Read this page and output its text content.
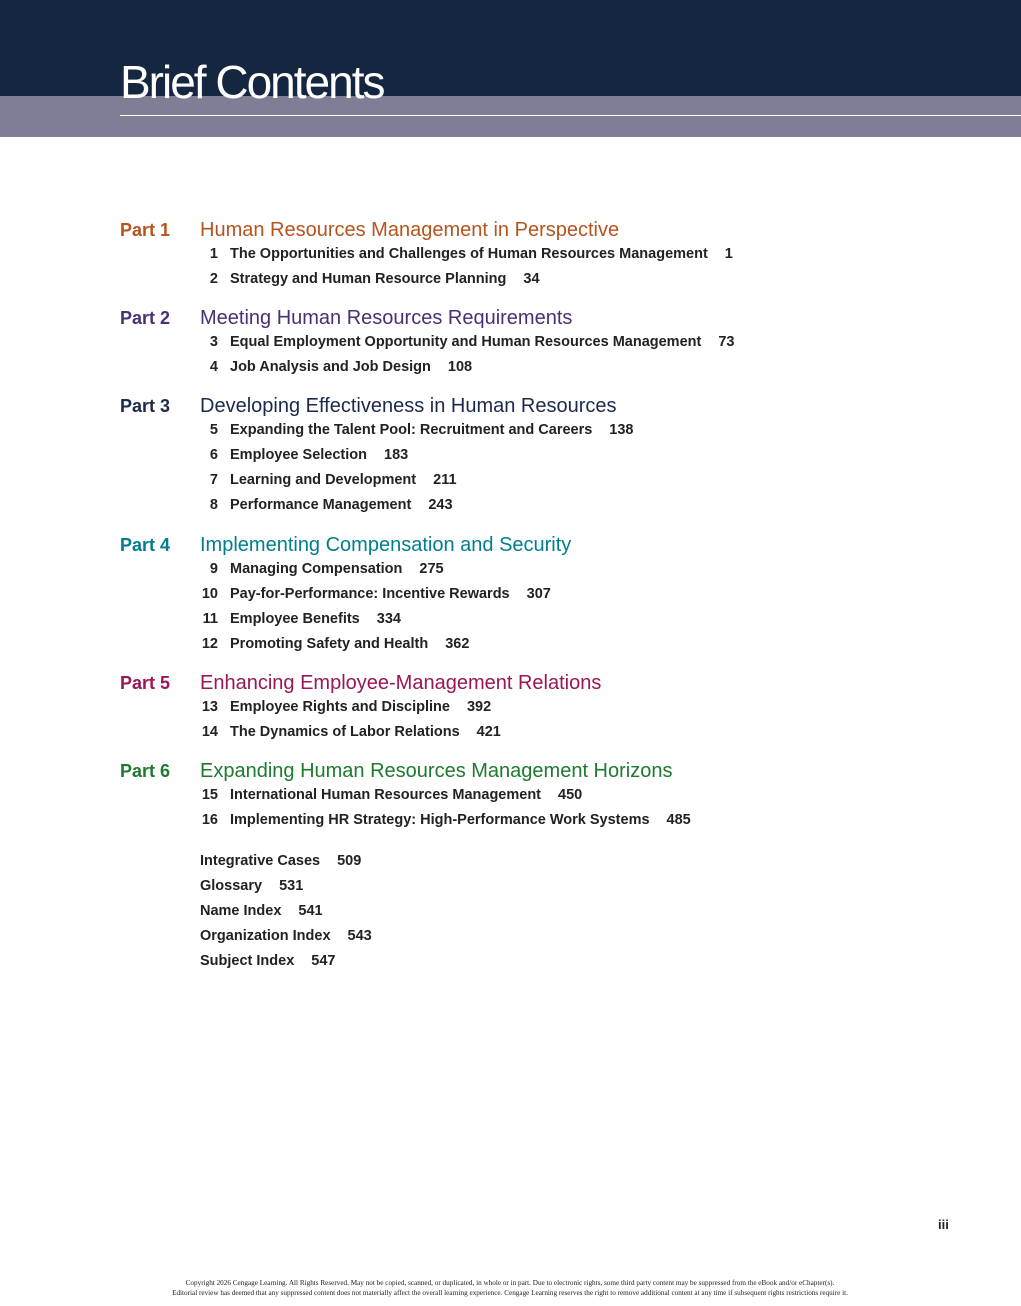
Brief Contents
Part 1 Human Resources Management in Perspective
1 The Opportunities and Challenges of Human Resources Management 1
2 Strategy and Human Resource Planning 34
Part 2 Meeting Human Resources Requirements
3 Equal Employment Opportunity and Human Resources Management 73
4 Job Analysis and Job Design 108
Part 3 Developing Effectiveness in Human Resources
5 Expanding the Talent Pool: Recruitment and Careers 138
6 Employee Selection 183
7 Learning and Development 211
8 Performance Management 243
Part 4 Implementing Compensation and Security
9 Managing Compensation 275
10 Pay-for-Performance: Incentive Rewards 307
11 Employee Benefits 334
12 Promoting Safety and Health 362
Part 5 Enhancing Employee-Management Relations
13 Employee Rights and Discipline 392
14 The Dynamics of Labor Relations 421
Part 6 Expanding Human Resources Management Horizons
15 International Human Resources Management 450
16 Implementing HR Strategy: High-Performance Work Systems 485
Integrative Cases 509
Glossary 531
Name Index 541
Organization Index 543
Subject Index 547
iii
Copyright 2026 Cengage Learning. All Rights Reserved. May not be copied, scanned, or duplicated, in whole or in part. Due to electronic rights, some third party content may be suppressed from the eBook and/or eChapter(s).
Editorial review has deemed that any suppressed content does not materially affect the overall learning experience. Cengage Learning reserves the right to remove additional content at any time if subsequent rights restrictions require it.
